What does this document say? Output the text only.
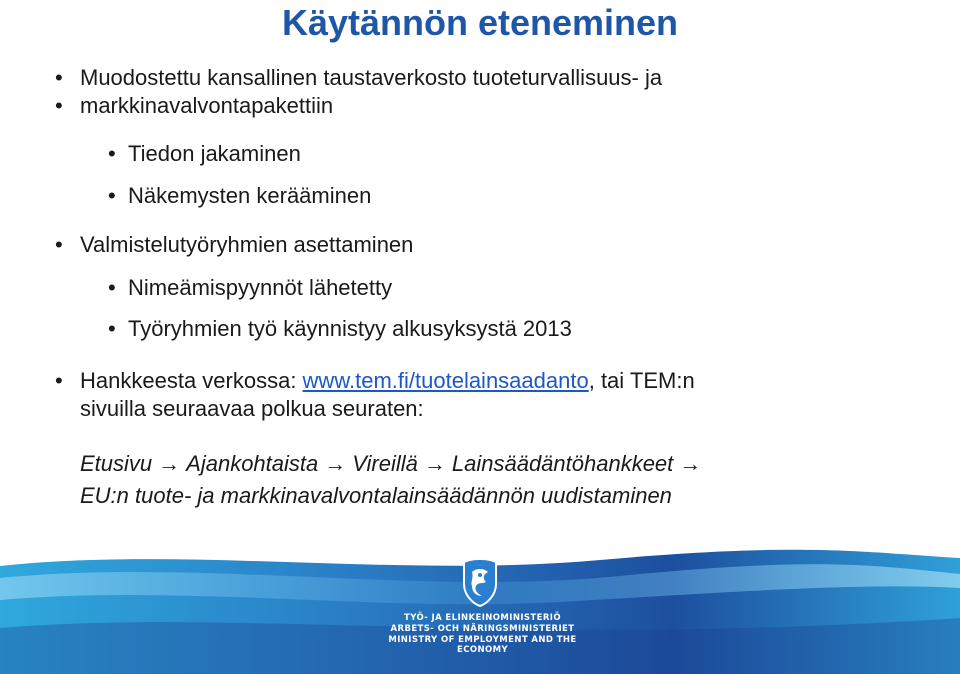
Käytännön eteneminen
• Muodostettu kansallinen taustaverkosto tuoteturvallisuus- ja
• markkinavalvontapakettiin
• Tiedon jakaminen
• Näkemysten kerääminen
• Valmistelutyöryhmien asettaminen
• Nimeämispyynnöt lähetetty
• Työryhmien työ käynnistyy alkusyksystä 2013
• Hankkeesta verkossa: www.tem.fi/tuotelainsaadanto, tai TEM:n
sivuilla seuraavaa polkua seuraten:
Etusivu → Ajankohtaista → Vireillä → Lainsäädäntöhankkeet →
EU:n tuote- ja markkinavalvontalainsäädännön uudistaminen
TYÖ- JA ELINKEINOMINISTERIÖ
ARBETS- OCH NÄRINGSMINISTERIET
MINISTRY OF EMPLOYMENT AND THE ECONOMY
